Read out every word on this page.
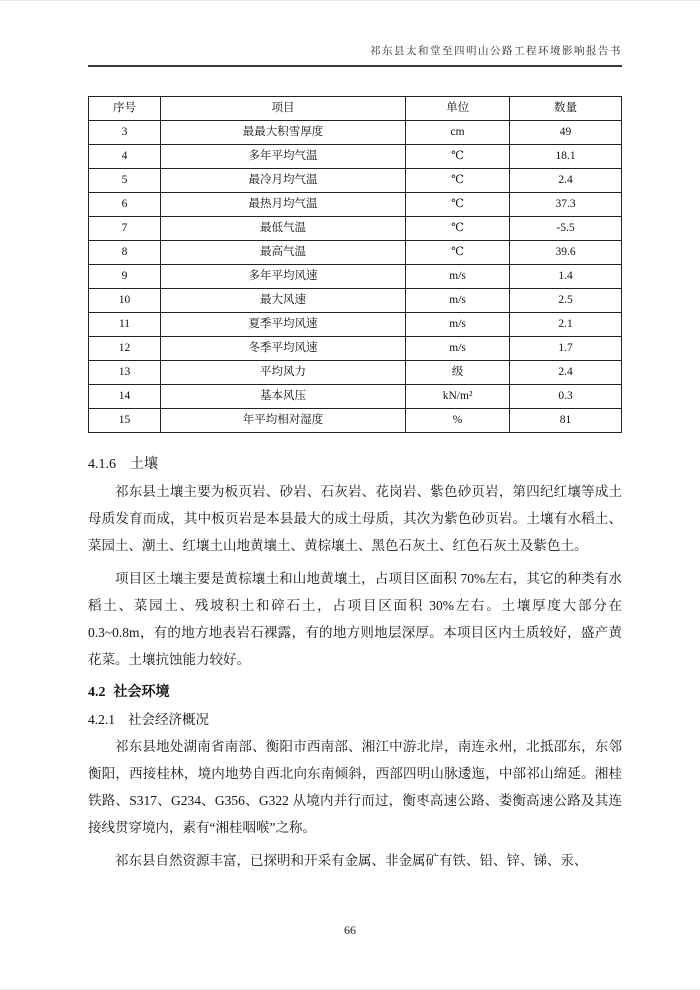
祁东县太和堂至四明山公路工程环境影响报告书
序号	项目	单位	数量
3	最最大积雪厚度	cm	49
4	多年平均气温	℃	18.1
5	最冷月均气温	℃	2.4
6	最热月均气温	℃	37.3
7	最低气温	℃	-5.5
8	最高气温	℃	39.6
9	多年平均风速	m/s	1.4
10	最大风速	m/s	2.5
11	夏季平均风速	m/s	2.1
12	冬季平均风速	m/s	1.7
13	平均风力	级	2.4
14	基本风压	kN/m²	0.3
15	年平均相对湿度	%	81
4.1.6 土壤

祁东县土壤主要为板页岩、砂岩、石灰岩、花岗岩、紫色砂页岩，第四纪红壤等成土母质发育而成，其中板页岩是本县最大的成土母质，其次为紫色砂页岩。土壤有水稻土、菜园土、潮土、红壤土山地黄壤土、黄棕壤土、黑色石灰土、红色石灰土及紫色土。

项目区土壤主要是黄棕壤土和山地黄壤土，占项目区面积 70%左右，其它的种类有水稻土、菜园土、残坡积土和碎石土，占项目区面积 30%左右。土壤厚度大部分在 0.3~0.8m，有的地方地表岩石裸露，有的地方则地层深厚。本项目区内土质较好，盛产黄花菜。土壤抗蚀能力较好。

4.2 社会环境
4.2.1 社会经济概况

祁东县地处湖南省南部、衡阳市西南部、湘江中游北岸，南连永州，北抵邵东，东邻衡阳，西接桂林，境内地势自西北向东南倾斜，西部四明山脉逶迤，中部祁山绵延。湘桂铁路、S317、G234、G356、G322 从境内并行而过，衡枣高速公路、娄衡高速公路及其连接线贯穿境内，素有“湘桂咽喉”之称。

祁东县自然资源丰富，已探明和开采有金属、非金属矿有铁、铅、锌、锑、汞、

66
